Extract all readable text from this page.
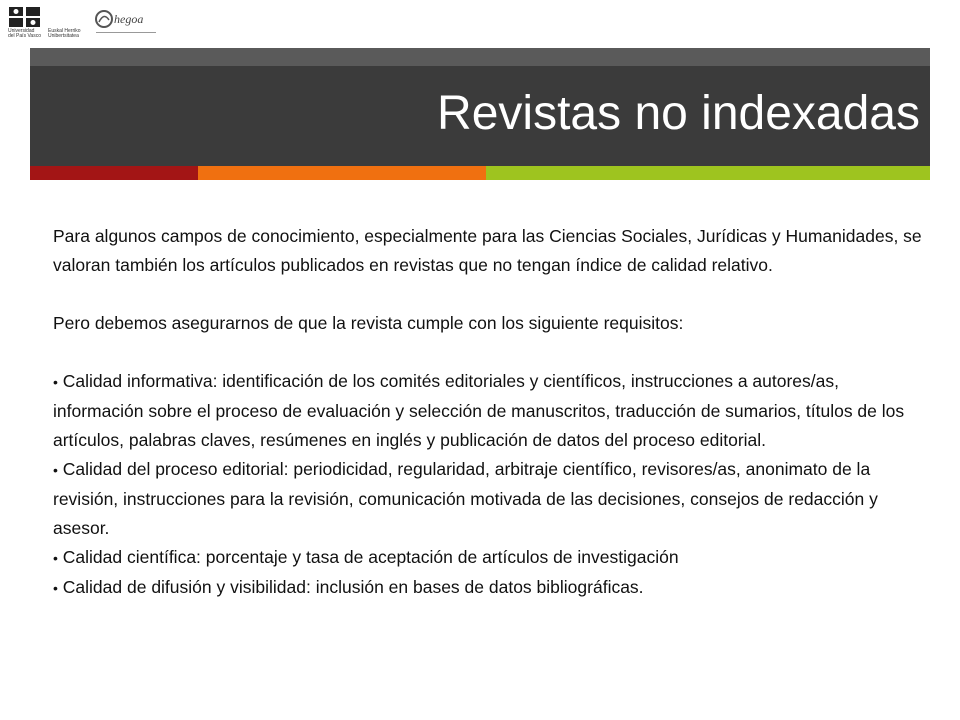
Universidad
del País Vasco
Euskal Herriko
Unibertsitatea
hegoa
Revistas no indexadas

Para algunos campos de conocimiento, especialmente para las Ciencias Sociales, Jurídicas y Humanidades, se valoran también los artículos publicados en revistas que no tengan índice de calidad relativo.

Pero debemos asegurarnos de que la revista cumple con los siguiente requisitos:

• Calidad informativa: identificación de los comités editoriales y científicos, instrucciones a autores/as, información sobre el proceso de evaluación y selección de manuscritos, traducción de sumarios, títulos de los artículos, palabras claves, resúmenes en inglés y publicación de datos del proceso editorial.

• Calidad del proceso editorial: periodicidad, regularidad, arbitraje científico, revisores/as, anonimato de la revisión, instrucciones para la revisión, comunicación motivada de las decisiones, consejos de redacción y asesor.

• Calidad científica: porcentaje y tasa de aceptación de artículos de investigación

• Calidad de difusión y visibilidad: inclusión en bases de datos bibliográficas.
